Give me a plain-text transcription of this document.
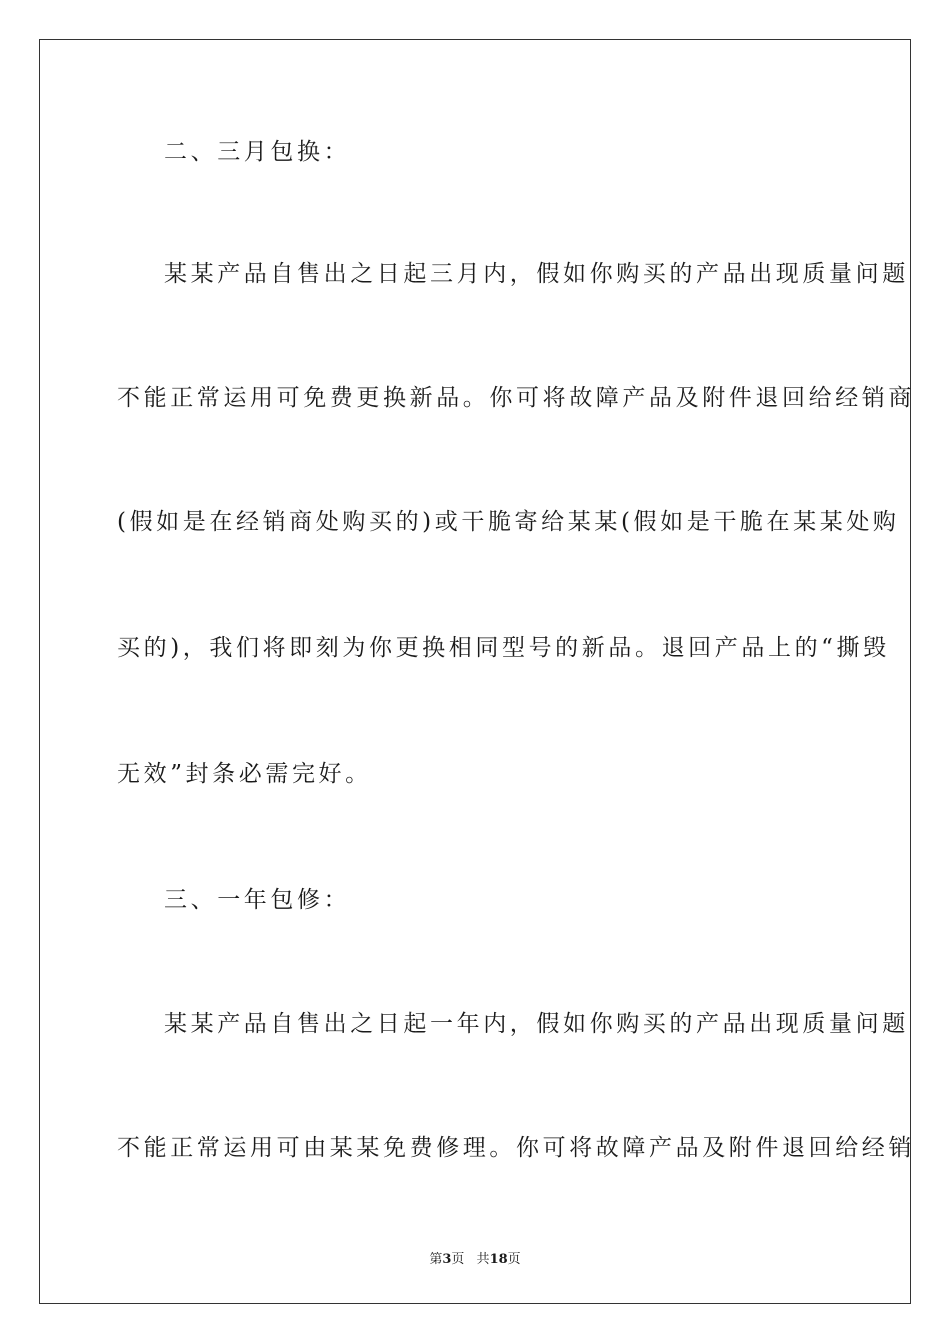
二、三月包换：
某某产品自售出之日起三月内，假如你购买的产品出现质量问题
不能正常运用可免费更换新品。你可将故障产品及附件退回给经销商
(假如是在经销商处购买的)或干脆寄给某某(假如是干脆在某某处购
买的)，我们将即刻为你更换相同型号的新品。退回产品上的“撕毁
无效”封条必需完好。
三、一年包修：
某某产品自售出之日起一年内，假如你购买的产品出现质量问题
不能正常运用可由某某免费修理。你可将故障产品及附件退回给经销
第3页 共18页
